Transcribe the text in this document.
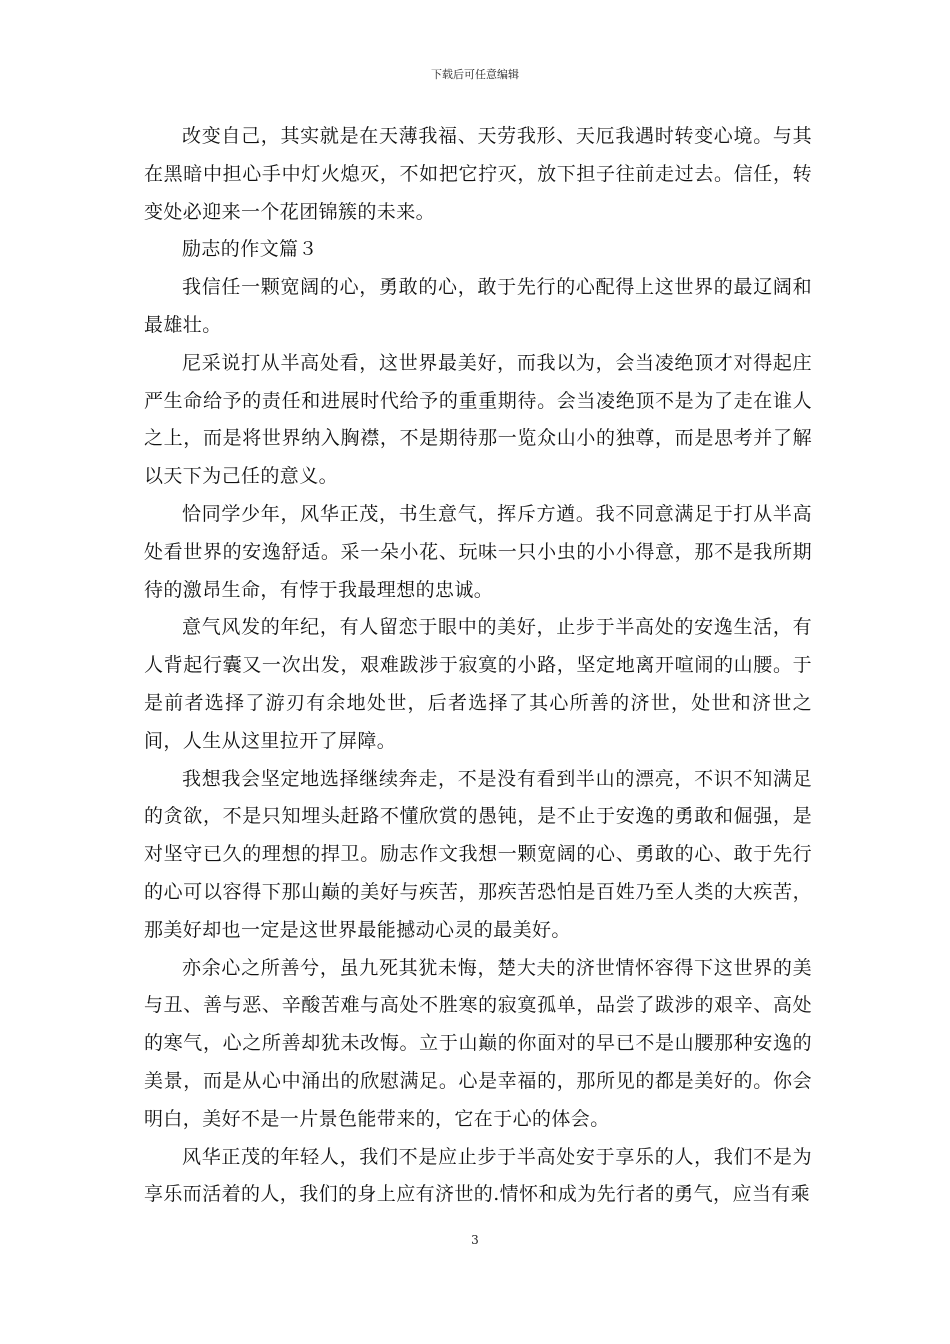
下载后可任意编辑

改变自己，其实就是在天薄我福、天劳我形、天厄我遇时转变心境。与其在黑暗中担心手中灯火熄灭，不如把它拧灭，放下担子往前走过去。信任，转变处必迎来一个花团锦簇的未来。

励志的作文篇３

我信任一颗宽阔的心，勇敢的心，敢于先行的心配得上这世界的最辽阔和最雄壮。

尼采说打从半高处看，这世界最美好，而我以为，会当凌绝顶才对得起庄严生命给予的责任和进展时代给予的重重期待。会当凌绝顶不是为了走在谁人之上，而是将世界纳入胸襟，不是期待那一览众山小的独尊，而是思考并了解以天下为己任的意义。

恰同学少年，风华正茂，书生意气，挥斥方遒。我不同意满足于打从半高处看世界的安逸舒适。采一朵小花、玩味一只小虫的小小得意，那不是我所期待的激昂生命，有悖于我最理想的忠诚。

意气风发的年纪，有人留恋于眼中的美好，止步于半高处的安逸生活，有人背起行囊又一次出发，艰难跋涉于寂寞的小路，坚定地离开喧闹的山腰。于是前者选择了游刃有余地处世，后者选择了其心所善的济世，处世和济世之间，人生从这里拉开了屏障。

我想我会坚定地选择继续奔走，不是没有看到半山的漂亮，不识不知满足的贪欲，不是只知埋头赶路不懂欣赏的愚钝，是不止于安逸的勇敢和倔强，是对坚守已久的理想的捍卫。励志作文我想一颗宽阔的心、勇敢的心、敢于先行的心可以容得下那山巅的美好与疾苦，那疾苦恐怕是百姓乃至人类的大疾苦，那美好却也一定是这世界最能撼动心灵的最美好。

亦余心之所善兮，虽九死其犹未悔，楚大夫的济世情怀容得下这世界的美与丑、善与恶、辛酸苦难与高处不胜寒的寂寞孤单，品尝了跋涉的艰辛、高处的寒气，心之所善却犹未改悔。立于山巅的你面对的早已不是山腰那种安逸的美景，而是从心中涌出的欣慰满足。心是幸福的，那所见的都是美好的。你会明白，美好不是一片景色能带来的，它在于心的体会。

风华正茂的年轻人，我们不是应止步于半高处安于享乐的人，我们不是为享乐而活着的人，我们的身上应有济世的.情怀和成为先行者的勇气，应当有乘

3
